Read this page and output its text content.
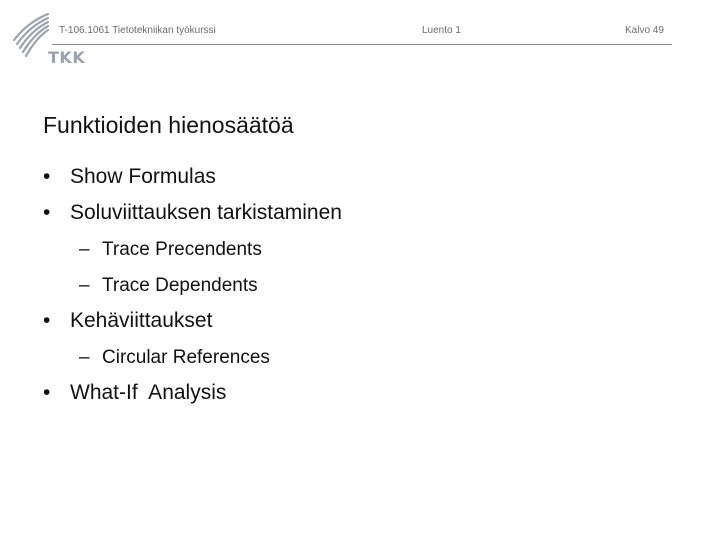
TKK
T-106.1061 Tietotekniikan työkurssi	Luento 1	Kalvo 49
Funktioiden hienosäätöä
• Show Formulas
• Soluviittauksen tarkistaminen
– Trace Precendents
– Trace Dependents
• Kehäviittaukset
– Circular References
• What-If  Analysis
